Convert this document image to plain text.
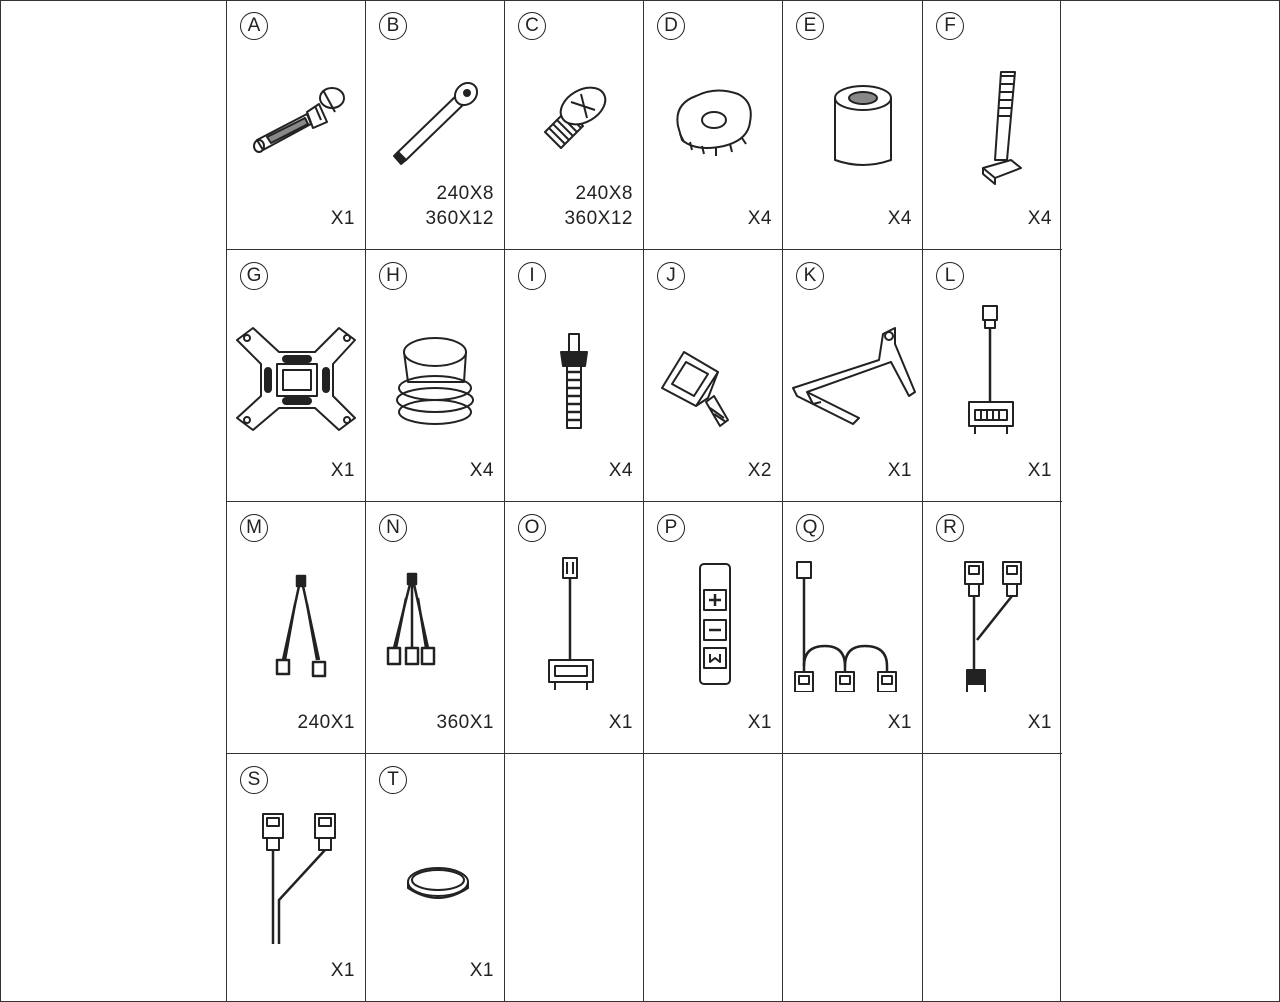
A
X1
B
240X8
360X12
C
240X8
360X12
D
X4
E
X4
F
X4
G
X1
H
X4
I
X4
J
X2
K
X1
L
X1
M
240X1
N
360X1
O
X1
P
X1
Q
X1
R
X1
S
X1
T
X1
